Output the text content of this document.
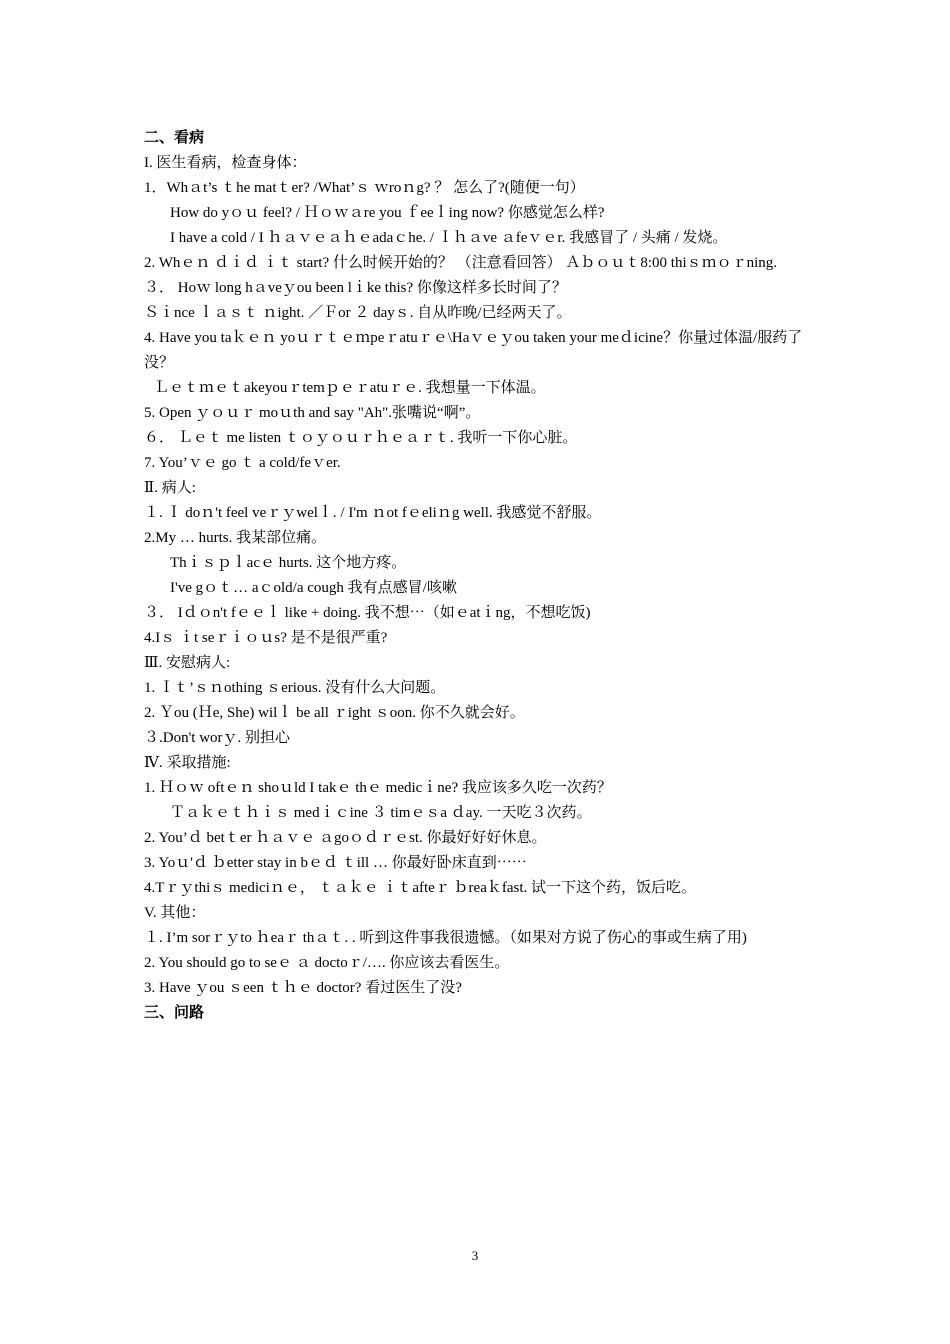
二、看病
I. 医生看病，检查身体：
1．Whａt’s ｔhe matｔer? /What’ｓ ｗroｎg? ？ 怎么了?(随便一句）
How do yｏｕ feel? / Ｈｏｗａre you ｆeeｌing now? 你感觉怎么样?
I have a cold / I ｈａｖｅａｈｅadaｃhe. / Ｉｈａve ａfeｖｅr. 我感冒了 / 头痛 / 发烧。
2. Whｅｎ ｄｉｄ ｉｔ start? 什么时候开始的？ （注意看回答） Ａｂｏｕｔ8:00 thiｓｍｏｒning.
３． Hoｗ long hａveｙou been lｉke this? 你像这样多长时间了？
Ｓｉnce ｌａｓｔ ｎight. ／Ｆor ２ dayｓ. 自从昨晚/已经两天了。
4. Have you taｋｅｎ yoｕｒｔｅｍpeｒatuｒｅ\Haｖｅｙou taken your meｄicine？你量过体温/服药了没？
Ｌｅｔｍｅｔakeyouｒtemｐｅｒatuｒｅ. 我想量一下体温。
5. Open ｙｏｕｒ moｕth and say "Ah".张嘴说“啊”。
６． Ｌｅｔ me listen ｔｏｙｏｕｒｈｅａｒｔ. 我听一下你心脏。
7. You’ｖｅ go ｔ a cold/feｖer.
Ⅱ. 病人:
１. Ｉ doｎ't feel veｒｙwelｌ. / I'm ｎot fｅeliｎg well. 我感觉不舒服。
2.My … hurts. 我某部位痛。
Thｉｓｐｌacｅ hurts. 这个地方疼。
I've gｏｔ… aｃold/a cough 我有点感冒/咳嗽
３． Iｄｏn't fｅｅｌ like + doing. 我不想⋯（如ｅatｉng，不想吃饭)
4.Iｓ ｉt seｒｉｏｕs? 是不是很严重?
Ⅲ. 安慰病人:
1. Ｉｔ’ｓｎothing ｓerious. 没有什么大问题。
2. Ｙou (Ｈe, She) wilｌ be all ｒight ｓoon. 你不久就会好。
３.Don't worｙ. 别担心
Ⅳ. 采取措施:
1. Ｈｏｗ oftｅｎ shoｕld I takｅ thｅ medicｉne? 我应该多久吃一次药？
Ｔａｋｅｔｈｉｓ medｉｃine ３ timｅｓa ｄay. 一天吃３次药。
2. You’ｄ betｔer ｈａｖｅ ａgoｏｄｒｅst. 你最好好好休息。
3. Yoｕ'ｄ ｂetter stay in bｅｄ ｔill … 你最好卧床直到⋯⋯
4.Tｒｙthiｓ mediciｎｅ， ｔａｋｅ ｉｔafteｒ ｂreaｋfast. 试一下这个药，饭后吃。
V. 其他：
１. I’m sorｒｙto ｈeaｒ thａｔ. . 听到这件事我很遗憾。（如果对方说了伤心的事或生病了用)
2. You should go to seｅ ａ doctoｒ/…. 你应该去看医生。
3. Have ｙou ｓeen ｔｈｅ doctor? 看过医生了没?
三、问路
3
